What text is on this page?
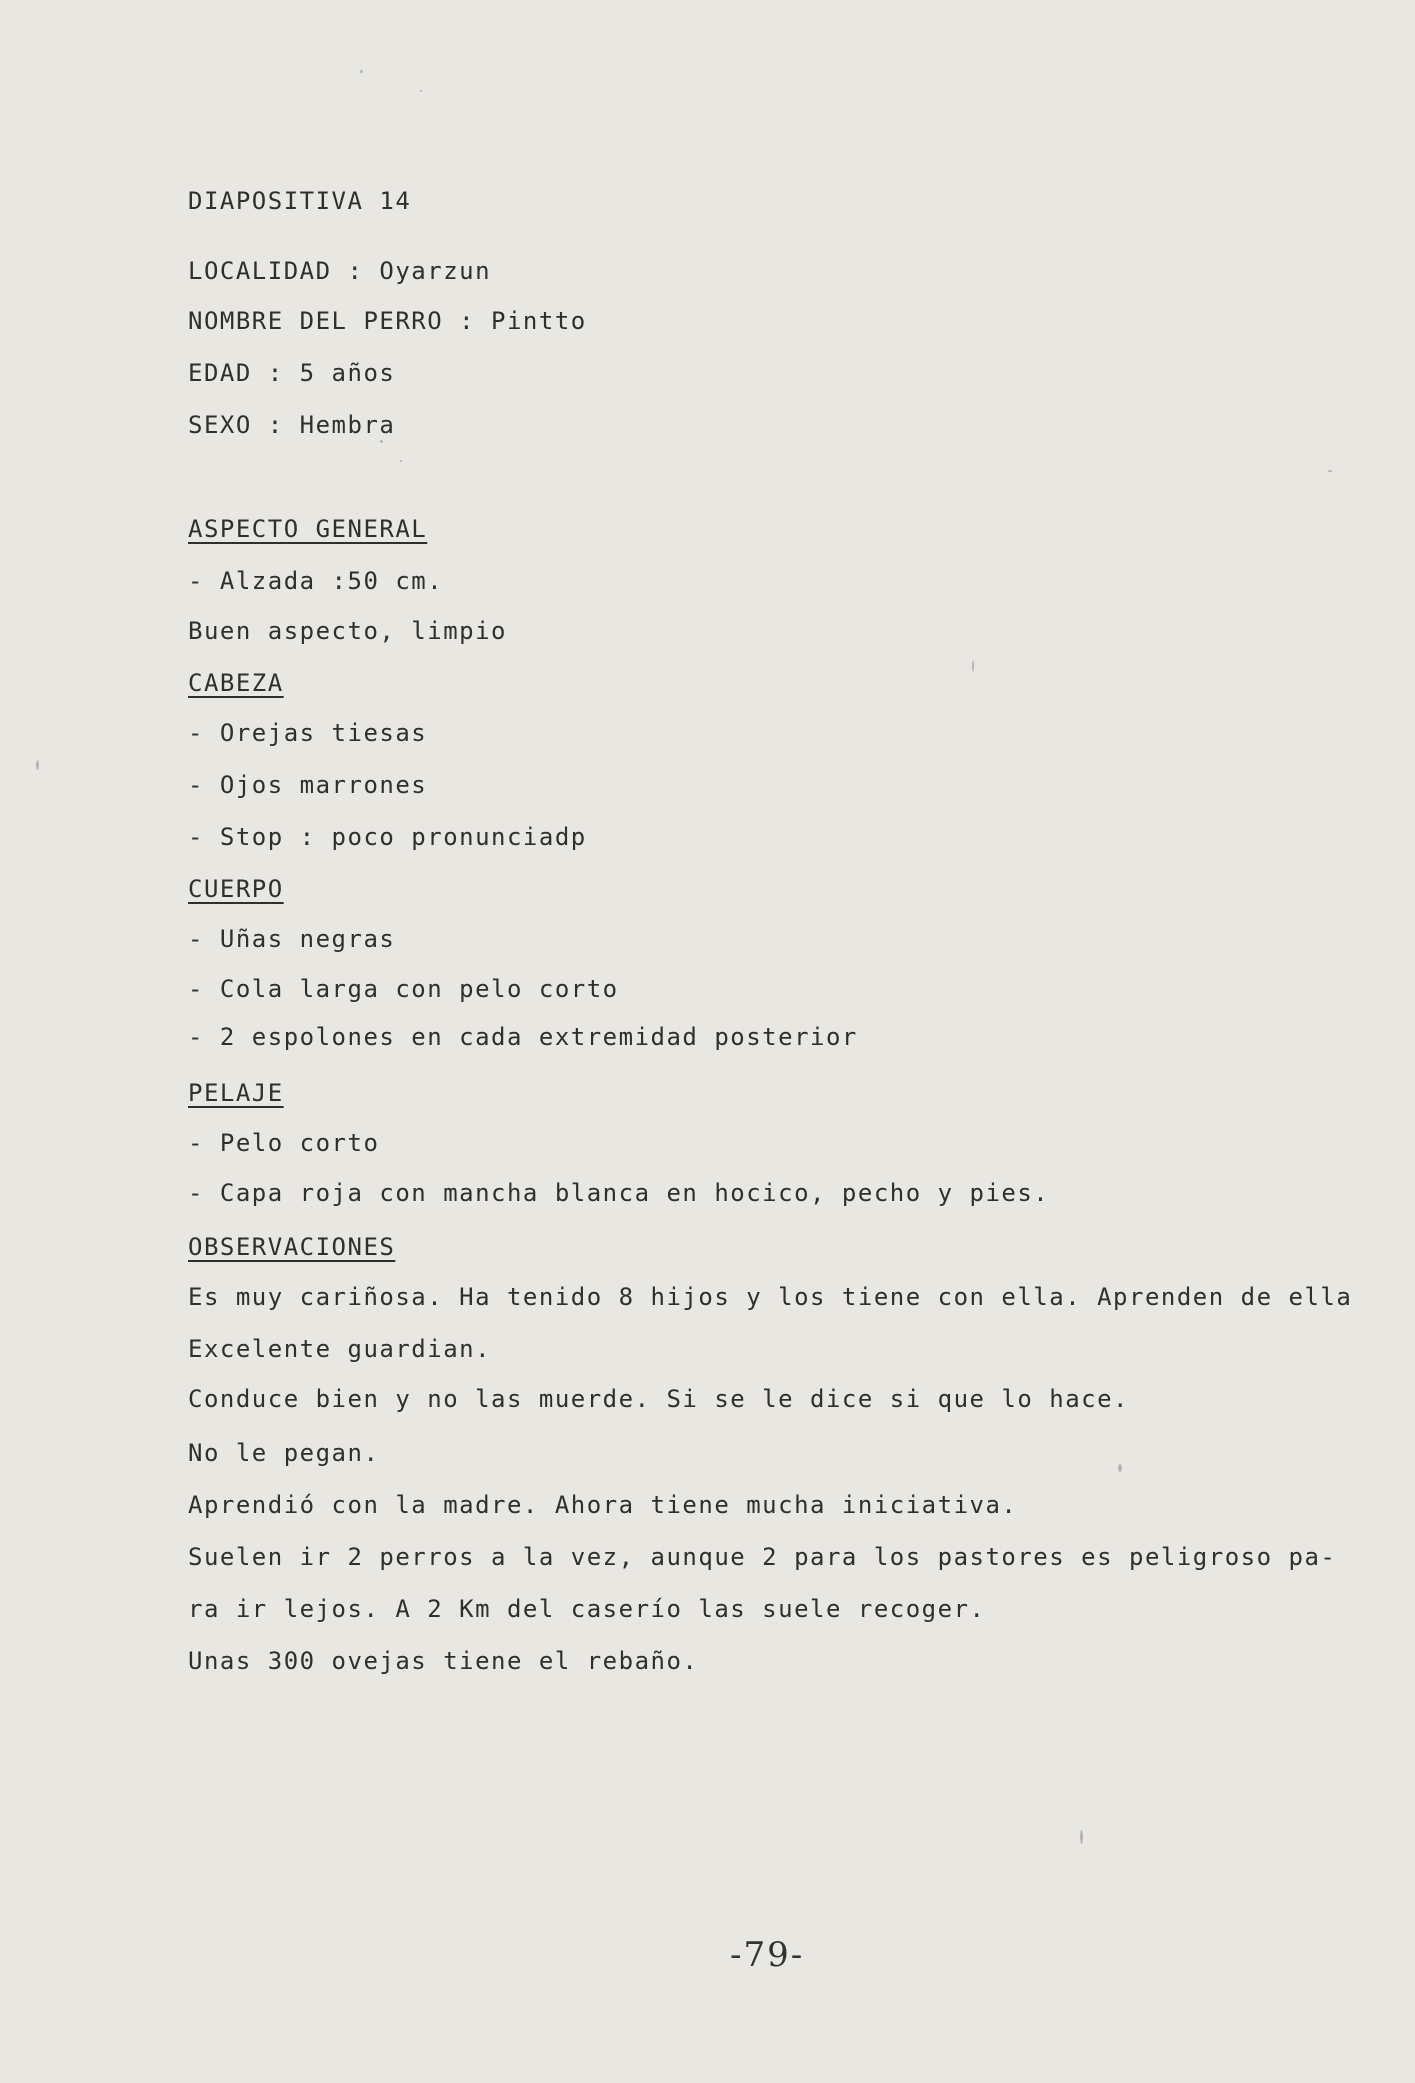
DIAPOSITIVA 14
LOCALIDAD : Oyarzun
NOMBRE DEL PERRO : Pintto
EDAD : 5 años
SEXO : Hembra
ASPECTO GENERAL
- Alzada :50 cm.
Buen aspecto, limpio
CABEZA
- Orejas tiesas
- Ojos marrones
- Stop : poco pronunciadp
CUERPO
- Uñas negras
- Cola larga con pelo corto
- 2 espolones en cada extremidad posterior
PELAJE
- Pelo corto
- Capa roja con mancha blanca en hocico, pecho y pies.
OBSERVACIONES
Es muy cariñosa. Ha tenido 8 hijos y los tiene con ella. Aprenden de ella
Excelente guardian.
Conduce bien y no las muerde. Si se le dice si que lo hace.
No le pegan.
Aprendió con la madre. Ahora tiene mucha iniciativa.
Suelen ir 2 perros a la vez, aunque 2 para los pastores es peligroso pa-
ra ir lejos. A 2 Km del caserío las suele recoger.
Unas 300 ovejas tiene el rebaño.
-79-
